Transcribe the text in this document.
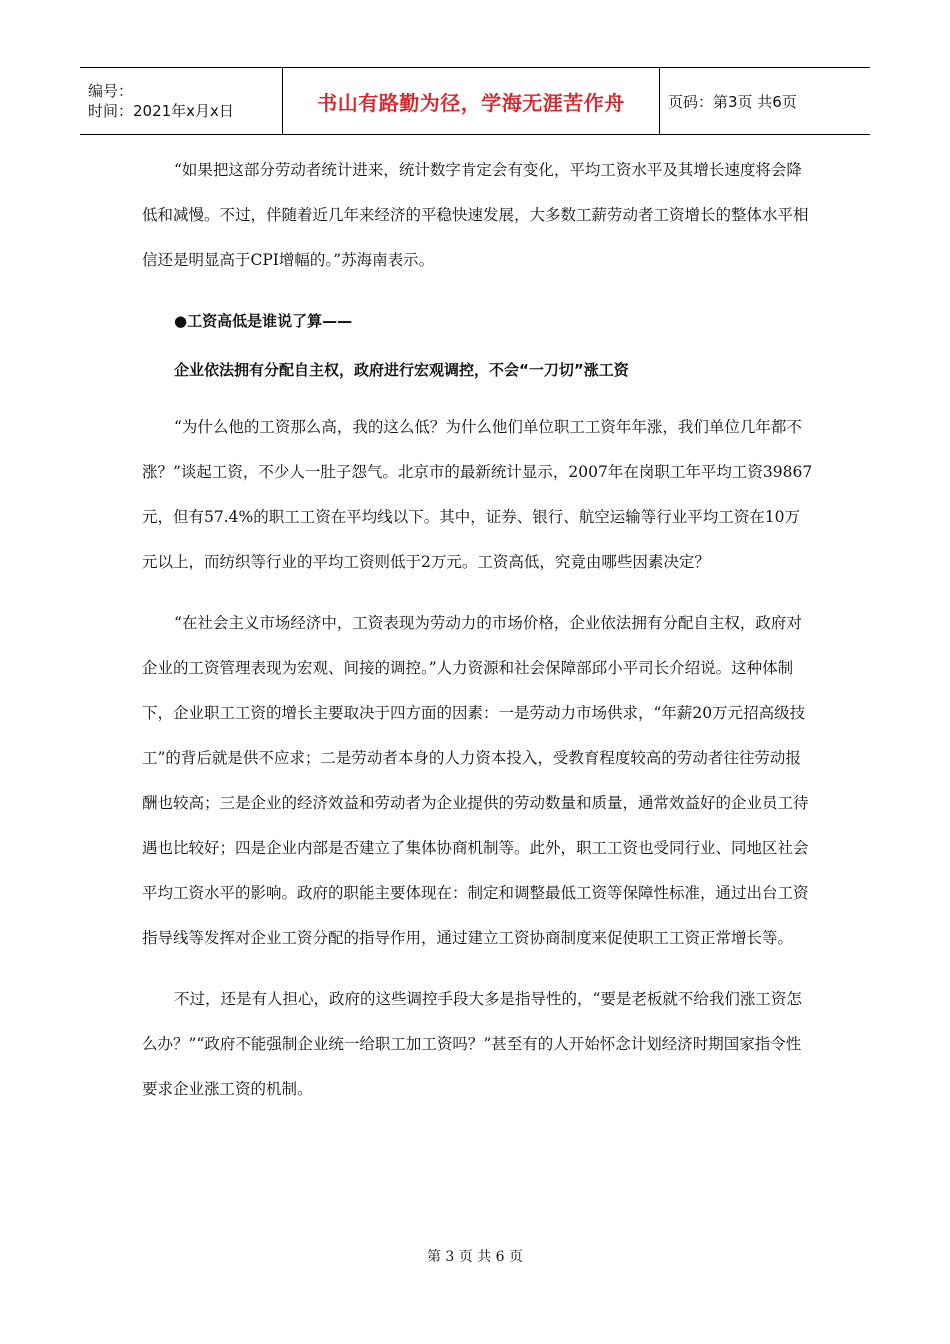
编号：
时间：2021年x月x日	书山有路勤为径，学海无涯苦作舟	页码：第3页 共6页

“如果把这部分劳动者统计进来，统计数字肯定会有变化，平均工资水平及其增长速度将会降低和减慢。不过，伴随着近几年来经济的平稳快速发展，大多数工薪劳动者工资增长的整体水平相信还是明显高于CPI增幅的。”苏海南表示。

●工资高低是谁说了算——

企业依法拥有分配自主权，政府进行宏观调控，不会“一刀切”涨工资

“为什么他的工资那么高，我的这么低？为什么他们单位职工工资年年涨，我们单位几年都不涨？”谈起工资，不少人一肚子怨气。北京市的最新统计显示，2007年在岗职工年平均工资39867元，但有57.4%的职工工资在平均线以下。其中，证券、银行、航空运输等行业平均工资在10万元以上，而纺织等行业的平均工资则低于2万元。工资高低，究竟由哪些因素决定？

“在社会主义市场经济中，工资表现为劳动力的市场价格，企业依法拥有分配自主权，政府对企业的工资管理表现为宏观、间接的调控。”人力资源和社会保障部邱小平司长介绍说。这种体制下，企业职工工资的增长主要取决于四方面的因素：一是劳动力市场供求，“年薪20万元招高级技工”的背后就是供不应求；二是劳动者本身的人力资本投入，受教育程度较高的劳动者往往劳动报酬也较高；三是企业的经济效益和劳动者为企业提供的劳动数量和质量，通常效益好的企业员工待遇也比较好；四是企业内部是否建立了集体协商机制等。此外，职工工资也受同行业、同地区社会平均工资水平的影响。政府的职能主要体现在：制定和调整最低工资等保障性标准，通过出台工资指导线等发挥对企业工资分配的指导作用，通过建立工资协商制度来促使职工工资正常增长等。

不过，还是有人担心，政府的这些调控手段大多是指导性的，“要是老板就不给我们涨工资怎么办？”“政府不能强制企业统一给职工加工资吗？”甚至有的人开始怀念计划经济时期国家指令性要求企业涨工资的机制。

第 3 页 共 6 页
